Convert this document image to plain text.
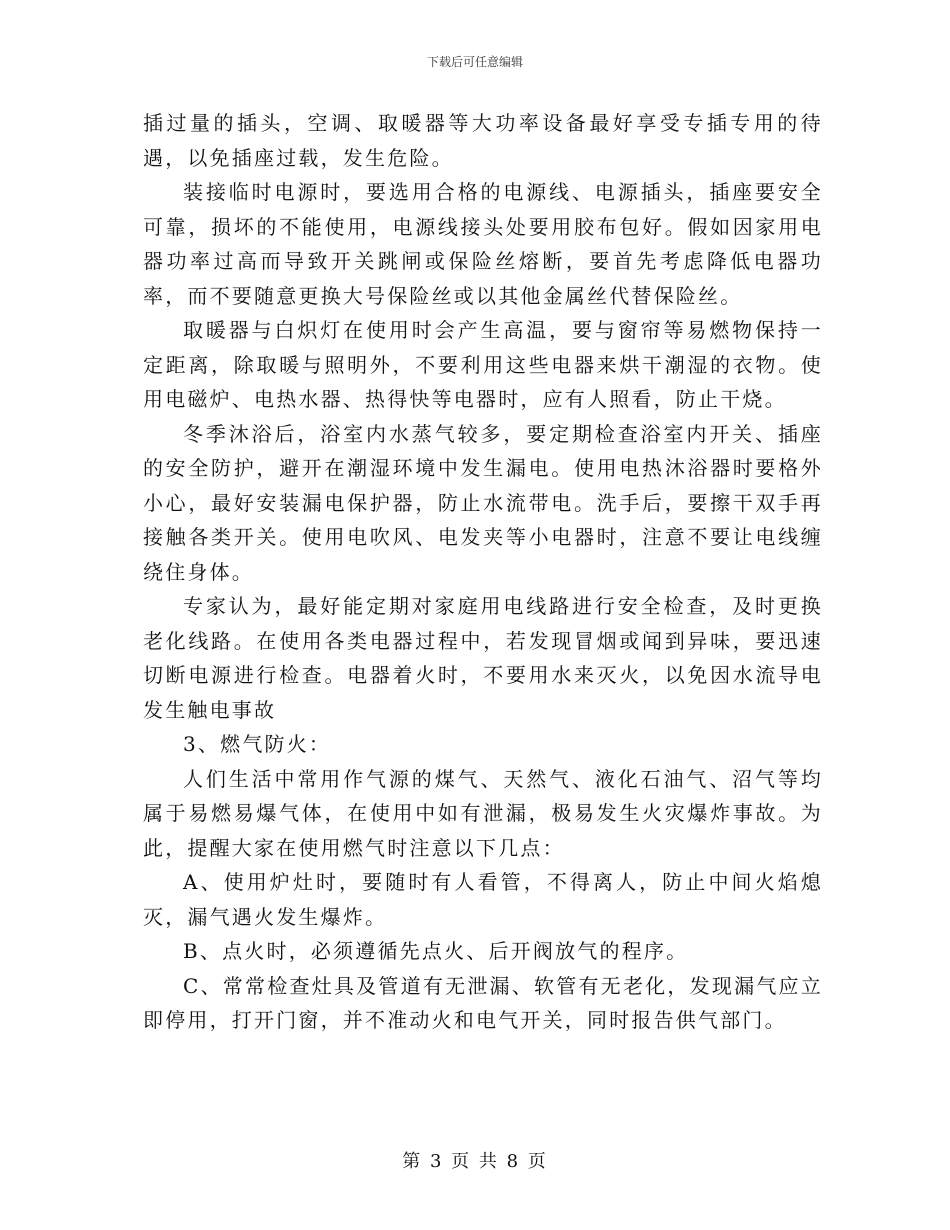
下载后可任意编辑

插过量的插头，空调、取暖器等大功率设备最好享受专插专用的待遇，以免插座过载，发生危险。

装接临时电源时，要选用合格的电源线、电源插头，插座要安全可靠，损坏的不能使用，电源线接头处要用胶布包好。假如因家用电器功率过高而导致开关跳闸或保险丝熔断，要首先考虑降低电器功率，而不要随意更换大号保险丝或以其他金属丝代替保险丝。

取暖器与白炽灯在使用时会产生高温，要与窗帘等易燃物保持一定距离，除取暖与照明外，不要利用这些电器来烘干潮湿的衣物。使用电磁炉、电热水器、热得快等电器时，应有人照看，防止干烧。

冬季沐浴后，浴室内水蒸气较多，要定期检查浴室内开关、插座的安全防护，避开在潮湿环境中发生漏电。使用电热沐浴器时要格外小心，最好安装漏电保护器，防止水流带电。洗手后，要擦干双手再接触各类开关。使用电吹风、电发夹等小电器时，注意不要让电线缠绕住身体。

专家认为，最好能定期对家庭用电线路进行安全检查，及时更换老化线路。在使用各类电器过程中，若发现冒烟或闻到异味，要迅速切断电源进行检查。电器着火时，不要用水来灭火，以免因水流导电发生触电事故

3、燃气防火：

人们生活中常用作气源的煤气、天然气、液化石油气、沼气等均属于易燃易爆气体，在使用中如有泄漏，极易发生火灾爆炸事故。为此，提醒大家在使用燃气时注意以下几点：

A、使用炉灶时，要随时有人看管，不得离人，防止中间火焰熄灭，漏气遇火发生爆炸。

B、点火时，必须遵循先点火、后开阀放气的程序。

C、常常检查灶具及管道有无泄漏、软管有无老化，发现漏气应立即停用，打开门窗，并不准动火和电气开关，同时报告供气部门。

第 3 页 共 8 页
